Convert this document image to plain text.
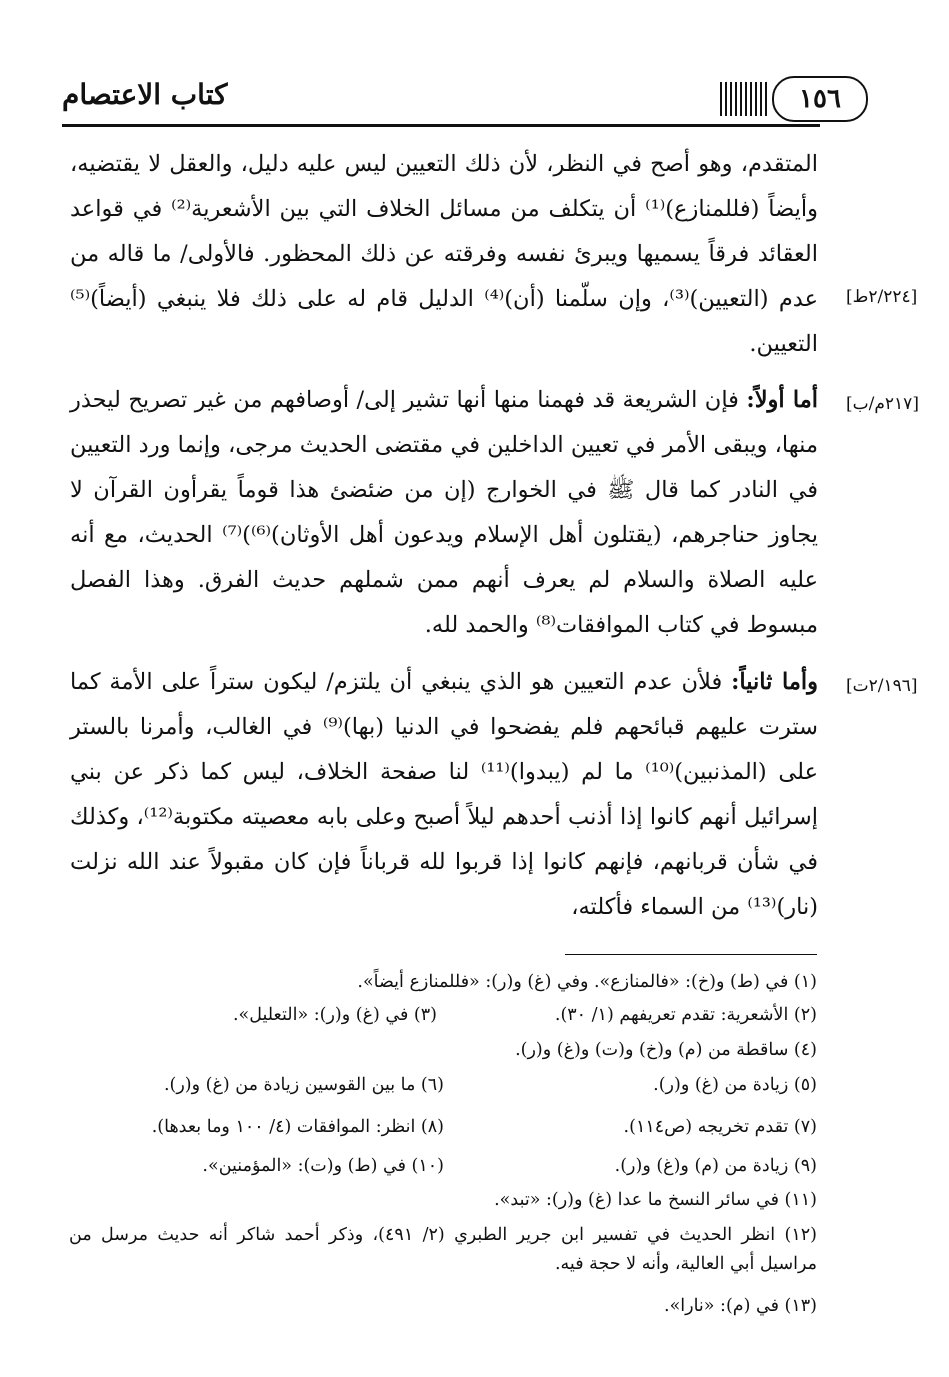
كتاب الاعتصام	١٥٦
المتقدم، وهو أصح في النظر، لأن ذلك التعيين ليس عليه دليل، والعقل لا يقتضيه، وأيضاً (فللمنازع)⁽¹⁾ أن يتكلف من مسائل الخلاف التي بين الأشعرية⁽²⁾ في قواعد العقائد فرقاً يسميها ويبرئ نفسه وفرقته عن ذلك المحظور. فالأولى/ ما قاله من عدم (التعيين)⁽³⁾، وإن سلّمنا (أن)⁽⁴⁾ الدليل قام له على ذلك فلا ينبغي (أيضاً)⁽⁵⁾ التعيين.
[٢/٢٢٤ط]
أما أولاً: فإن الشريعة قد فهمنا منها أنها تشير إلى/ أوصافهم من غير تصريح ليحذر منها، ويبقى الأمر في تعيين الداخلين في مقتضى الحديث مرجى، وإنما ورد التعيين في النادر كما قال ﷺ في الخوارج (إن من ضئضئ هذا قوماً يقرأون القرآن لا يجاوز حناجرهم، (يقتلون أهل الإسلام ويدعون أهل الأوثان)⁽⁶⁾)⁽⁷⁾ الحديث، مع أنه عليه الصلاة والسلام لم يعرف أنهم ممن شملهم حديث الفرق. وهذا الفصل مبسوط في كتاب الموافقات⁽⁸⁾ والحمد لله.
[٢١٧م/ب]
وأما ثانياً: فلأن عدم التعيين هو الذي ينبغي أن يلتزم/ ليكون ستراً على الأمة كما سترت عليهم قبائحهم فلم يفضحوا في الدنيا (بها)⁽⁹⁾ في الغالب، وأمرنا بالستر على (المذنبين)⁽¹⁰⁾ ما لم (يبدوا)⁽¹¹⁾ لنا صفحة الخلاف، ليس كما ذكر عن بني إسرائيل أنهم كانوا إذا أذنب أحدهم ليلاً أصبح وعلى بابه معصيته مكتوبة⁽¹²⁾، وكذلك في شأن قربانهم، فإنهم كانوا إذا قربوا لله قرباناً فإن كان مقبولاً عند الله نزلت (نار)⁽¹³⁾ من السماء فأكلته،
[٢/١٩٦ت]
(١) في (ط) و(خ): «فالمنازع». وفي (غ) و(ر): «فللمنازع أيضاً».
(٢) الأشعرية: تقدم تعريفهم (١/ ٣٠).
(٣) في (غ) و(ر): «التعليل».
(٤) ساقطة من (م) و(خ) و(ت) و(غ) و(ر).
(٥) زيادة من (غ) و(ر).
(٦) ما بين القوسين زيادة من (غ) و(ر).
(٧) تقدم تخريجه (ص١١٤).
(٨) انظر: الموافقات (٤/ ١٠٠ وما بعدها).
(٩) زيادة من (م) و(غ) و(ر).
(١٠) في (ط) و(ت): «المؤمنين».
(١١) في سائر النسخ ما عدا (غ) و(ر): «تبد».
(١٢) انظر الحديث في تفسير ابن جرير الطبري (٢/ ٤٩١)، وذكر أحمد شاكر أنه حديث مرسل من مراسيل أبي العالية، وأنه لا حجة فيه.
(١٣) في (م): «نارا».
